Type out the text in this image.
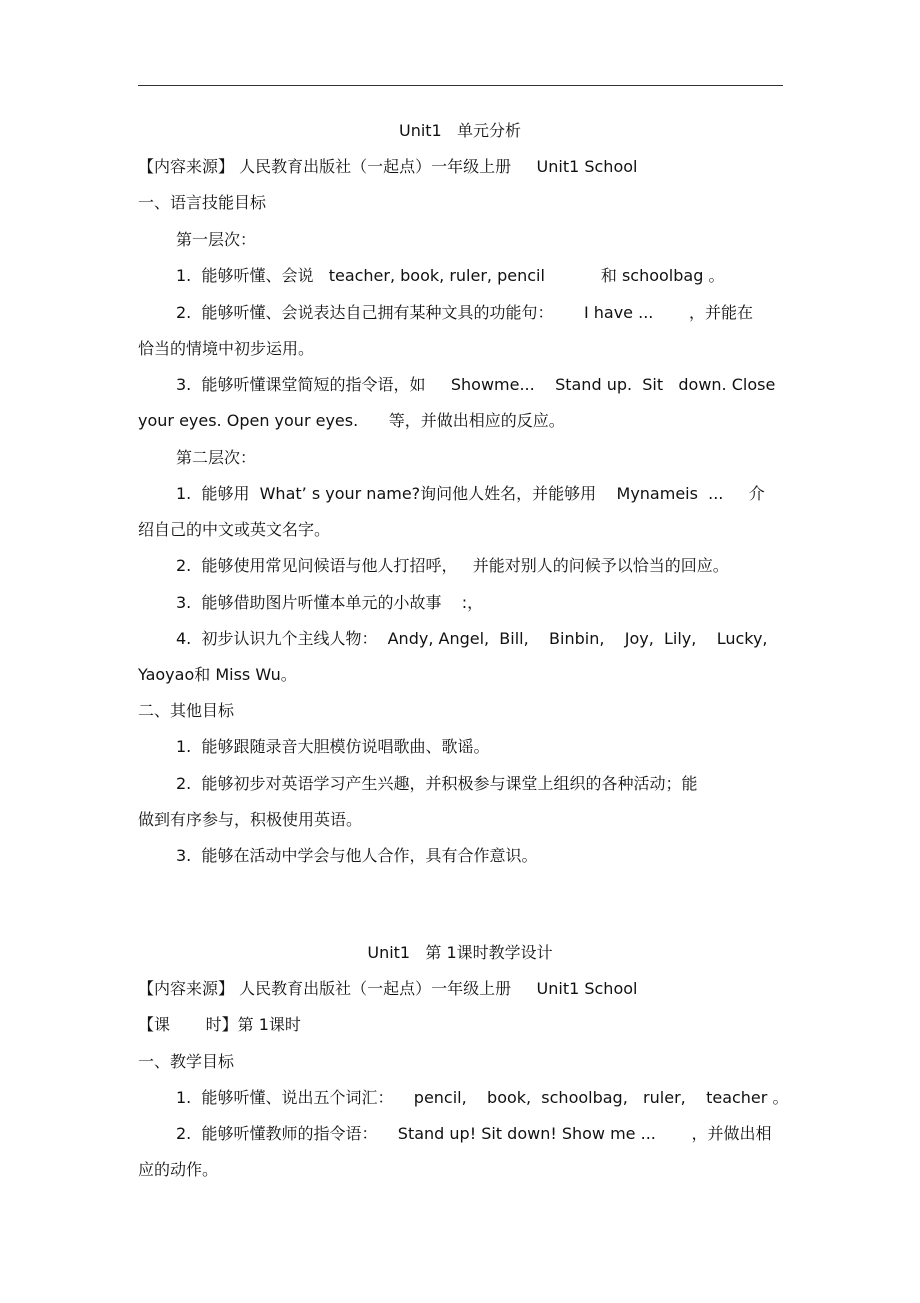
Unit1   单元分析
【内容来源】 人民教育出版社（一起点）一年级上册     Unit1 School
一、语言技能目标
第一层次：
1.  能够听懂、会说   teacher, book, ruler, pencil           和 schoolbag 。
2.  能够听懂、会说表达自己拥有某种文具的功能句：      I have ...       ，并能在
恰当的情境中初步运用。
3.  能够听懂课堂简短的指令语，如     Showme...    Stand up.  Sit   down. Close
your eyes. Open your eyes.      等，并做出相应的反应。
第二层次：
1.  能够用  What’ s your name?询问他人姓名，并能够用    Mynameis  ...     介
绍自己的中文或英文名字。
2.  能够使用常见问候语与他人打招呼，   并能对别人的问候予以恰当的回应。
3.  能够借助图片听懂本单元的小故事    :，
4.  初步认识九个主线人物：  Andy, Angel,  Bill,    Binbin,    Joy,  Lily,    Lucky,
Yaoyao和 Miss Wu。
二、其他目标
1.  能够跟随录音大胆模仿说唱歌曲、歌谣。
2.  能够初步对英语学习产生兴趣，并积极参与课堂上组织的各种活动；能
做到有序参与，积极使用英语。
3.  能够在活动中学会与他人合作，具有合作意识。
Unit1   第 1课时教学设计
【内容来源】 人民教育出版社（一起点）一年级上册     Unit1 School
【课       时】第 1课时
一、教学目标
1.  能够听懂、说出五个词汇：    pencil,    book,  schoolbag,   ruler,    teacher 。
2.  能够听懂教师的指令语：    Stand up! Sit down! Show me ...       ，并做出相
应的动作。
